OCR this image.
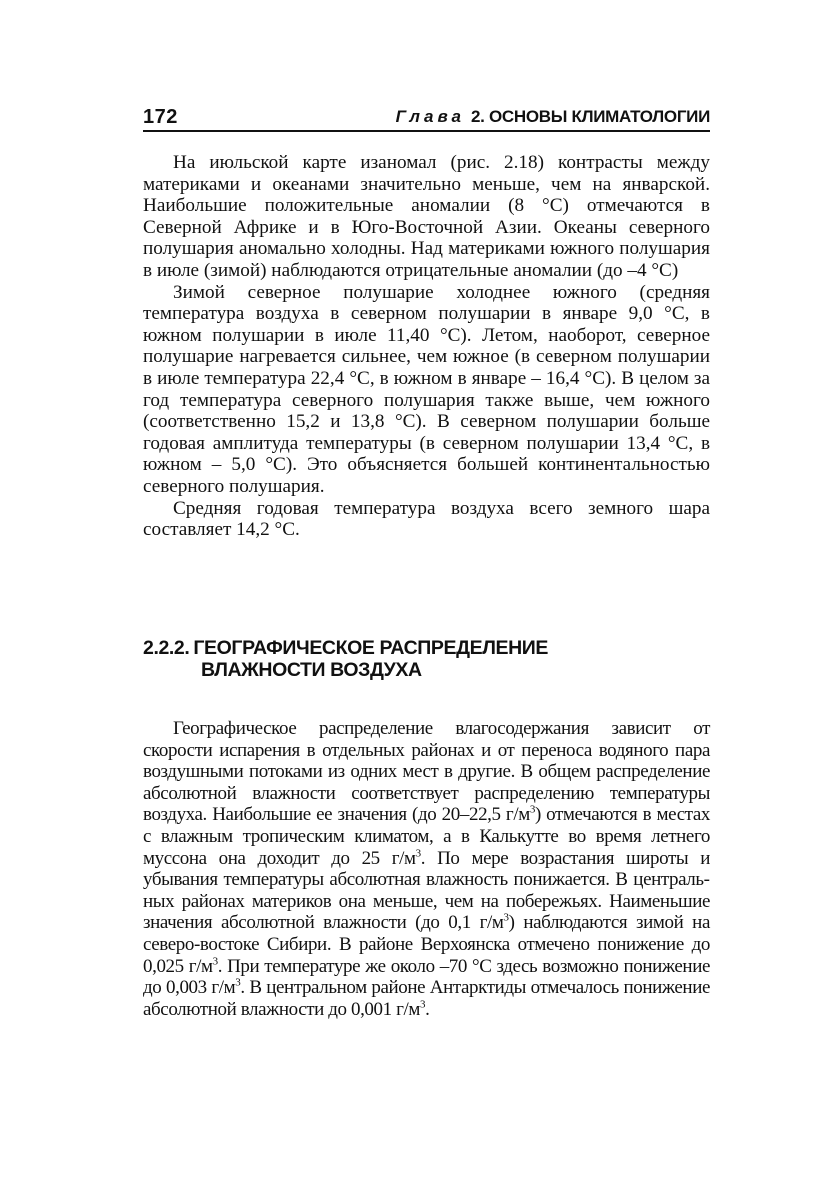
172	Глава 2. ОСНОВЫ КЛИМАТОЛОГИИ

На июльской карте изаномал (рис. 2.18) контрасты между материками и океанами значительно меньше, чем на январской. Наибольшие положительные аномалии (8 °С) отмечаются в Северной Африке и в Юго-Восточной Азии. Океаны северного полушария аномально холодны. Над материками южного полушария в июле (зимой) наблюдаются отрицательные аномалии (до –4 °С)

Зимой северное полушарие холоднее южного (средняя температура воздуха в северном полушарии в январе 9,0 °С, в южном полушарии в июле 11,40 °С). Летом, наоборот, северное полушарие нагревается сильнее, чем южное (в северном полушарии в июле температура 22,4 °С, в южном в январе – 16,4 °С). В целом за год температура северного полушария также выше, чем южного (соответственно 15,2 и 13,8 °С). В северном полушарии больше годовая амплитуда температуры (в северном полушарии 13,4 °С, в южном – 5,0 °С). Это объясняется большей континентальностью северного полушария.

Средняя годовая температура воздуха всего земного шара составляет 14,2 °С.

2.2.2. ГЕОГРАФИЧЕСКОЕ РАСПРЕДЕЛЕНИЕ
ВЛАЖНОСТИ ВОЗДУХА

Географическое распределение влагосодержания зависит от скорости испарения в отдельных районах и от переноса водяного пара воздушными потоками из одних мест в другие. В общем распределение абсолютной влажности соответствует распределению температуры воздуха. Наибольшие ее значения (до 20–22,5 $г/м^3$) отмечаются в местах с влажным тропическим климатом, а в Калькутте во время летнего муссона она доходит до 25 $г/м^3$. По мере возрастания широты и убывания температуры абсолютная влажность понижается. В центральных районах материков она меньше, чем на побережьях. Наименьшие значения абсолютной влажности (до 0,1 $г/м^3$) наблюдаются зимой на северо-востоке Сибири. В районе Верхоянска отмечено понижение до 0,025 $г/м^3$. При температуре же около –70 °С здесь возможно понижение до 0,003 $г/м^3$. В центральном районе Антарктиды отмечалось понижение абсолютной влажности до 0,001 $г/м^3$.
